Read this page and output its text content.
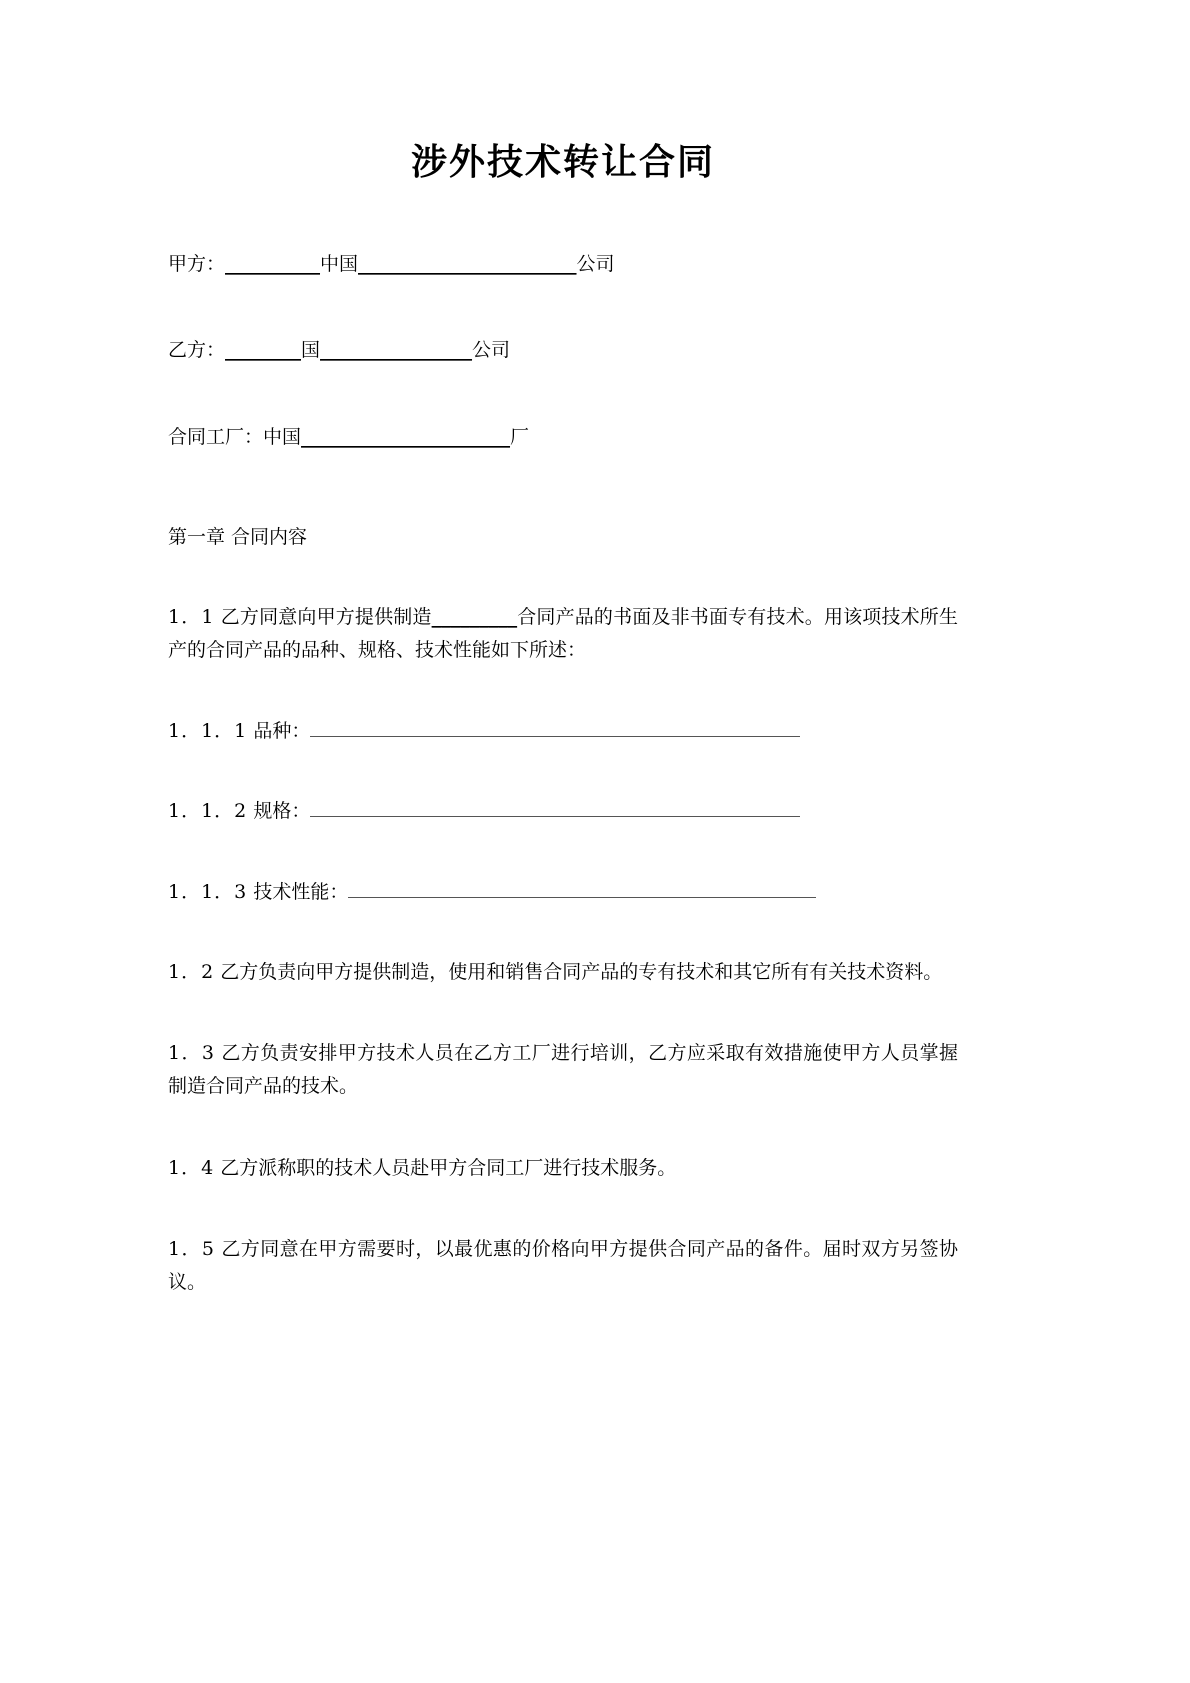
涉外技术转让合同
甲方：__________中国_______________________公司
乙方：________国________________公司
合同工厂：中国______________________厂
第一章 合同内容
1．1 乙方同意向甲方提供制造_________合同产品的书面及非书面专有技术。用该项技术所生产的合同产品的品种、规格、技术性能如下所述：
1．1．1 品种：
1．1．2 规格：
1．1．3 技术性能：
1．2 乙方负责向甲方提供制造，使用和销售合同产品的专有技术和其它所有有关技术资料。
1．3 乙方负责安排甲方技术人员在乙方工厂进行培训，乙方应采取有效措施使甲方人员掌握制造合同产品的技术。
1．4 乙方派称职的技术人员赴甲方合同工厂进行技术服务。
1．5 乙方同意在甲方需要时，以最优惠的价格向甲方提供合同产品的备件。届时双方另签协议。
